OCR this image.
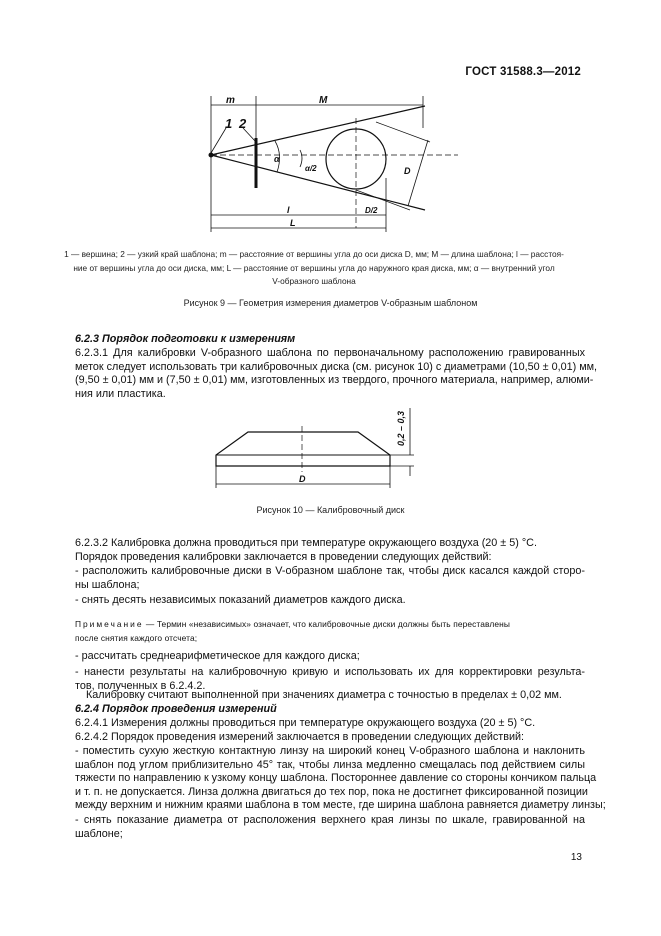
ГОСТ 31588.3—2012
m	M
1 2
α
α/2	D
D/2
l
L
0,2 – 0,3
D
1 — вершина; 2 — узкий край шаблона; m — расстояние от вершины угла до оси диска D, мм; M — длина шаблона; l — расстоя-
ние от вершины угла до оси диска, мм; L — расстояние от вершины угла до наружного края диска, мм; α — внутренний угол
V-образного шаблона
Рисунок 9 — Геометрия измерения диаметров V-образным шаблоном
6.2.3 Порядок подготовки к измерениям
6.2.3.1 Для калибровки V-образного шаблона по первоначальному расположению гравированных
меток следует использовать три калибровочных диска (см. рисунок 10) с диаметрами (10,50 ± 0,01) мм,
(9,50 ± 0,01) мм и (7,50 ± 0,01) мм, изготовленных из твердого, прочного материала, например, алюми-
ния или пластика.
Рисунок 10 — Калибровочный диск
6.2.3.2 Калибровка должна проводиться при температуре окружающего воздуха (20 ± 5) °С.
Порядок проведения калибровки заключается в проведении следующих действий:
- расположить калибровочные диски в V-образном шаблоне так, чтобы диск касался каждой сторо-
ны шаблона;
- снять десять независимых показаний диаметров каждого диска.
Примечание — Термин «независимых» означает, что калибровочные диски должны быть переставлены
после снятия каждого отсчета;
- рассчитать среднеарифметическое для каждого диска;
- нанести результаты на калибровочную кривую и использовать их для корректировки результа-
тов, полученных в 6.2.4.2.
Калибровку считают выполненной при значениях диаметра с точностью в пределах ± 0,02 мм.
6.2.4 Порядок проведения измерений
6.2.4.1 Измерения должны проводиться при температуре окружающего воздуха (20 ± 5) °С.
6.2.4.2 Порядок проведения измерений заключается в проведении следующих действий:
- поместить сухую жесткую контактную линзу на широкий конец V-образного шаблона и наклонить
шаблон под углом приблизительно 45° так, чтобы линза медленно смещалась под действием силы
тяжести по направлению к узкому концу шаблона. Постороннее давление со стороны кончиком пальца
и т. п. не допускается. Линза должна двигаться до тех пор, пока не достигнет фиксированной позиции
между верхним и нижним краями шаблона в том месте, где ширина шаблона равняется диаметру линзы;
- снять показание диаметра от расположения верхнего края линзы по шкале, гравированной на
шаблоне;
13
